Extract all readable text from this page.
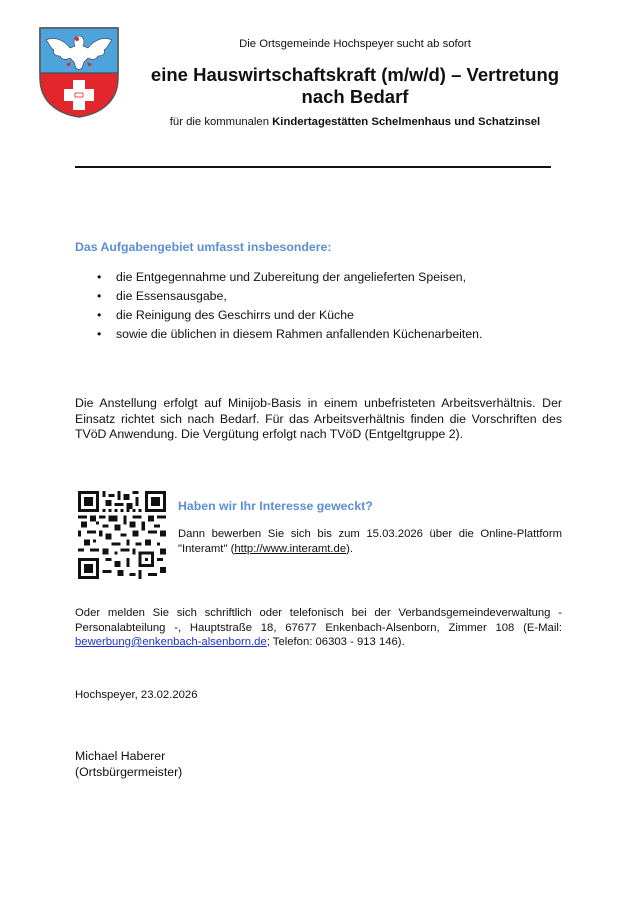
Die Ortsgemeinde Hochspeyer sucht ab sofort
eine Hauswirtschaftskraft (m/w/d) – Vertretung
nach Bedarf
für die kommunalen Kindertagestätten Schelmenhaus und Schatzinsel
Das Aufgabengebiet umfasst insbesondere:
• die Entgegennahme und Zubereitung der angelieferten Speisen,
• die Essensausgabe,
• die Reinigung des Geschirrs und der Küche
• sowie die üblichen in diesem Rahmen anfallenden Küchenarbeiten.
Die Anstellung erfolgt auf Minijob-Basis in einem unbefristeten Arbeitsverhältnis. Der Einsatz richtet sich nach Bedarf. Für das Arbeitsverhältnis finden die Vorschriften des TVöD Anwendung. Die Vergütung erfolgt nach TVöD (Entgeltgruppe 2).
Haben wir Ihr Interesse geweckt?
Dann bewerben Sie sich bis zum 15.03.2026 über die Online-Plattform "Interamt" (http://www.interamt.de).
Oder melden Sie sich schriftlich oder telefonisch bei der Verbandsgemeindeverwaltung - Personalabteilung -, Hauptstraße 18, 67677 Enkenbach-Alsenborn, Zimmer 108 (E-Mail: bewerbung@enkenbach-alsenborn.de; Telefon: 06303 - 913 146).
Hochspeyer, 23.02.2026
Michael Haberer
(Ortsbürgermeister)
